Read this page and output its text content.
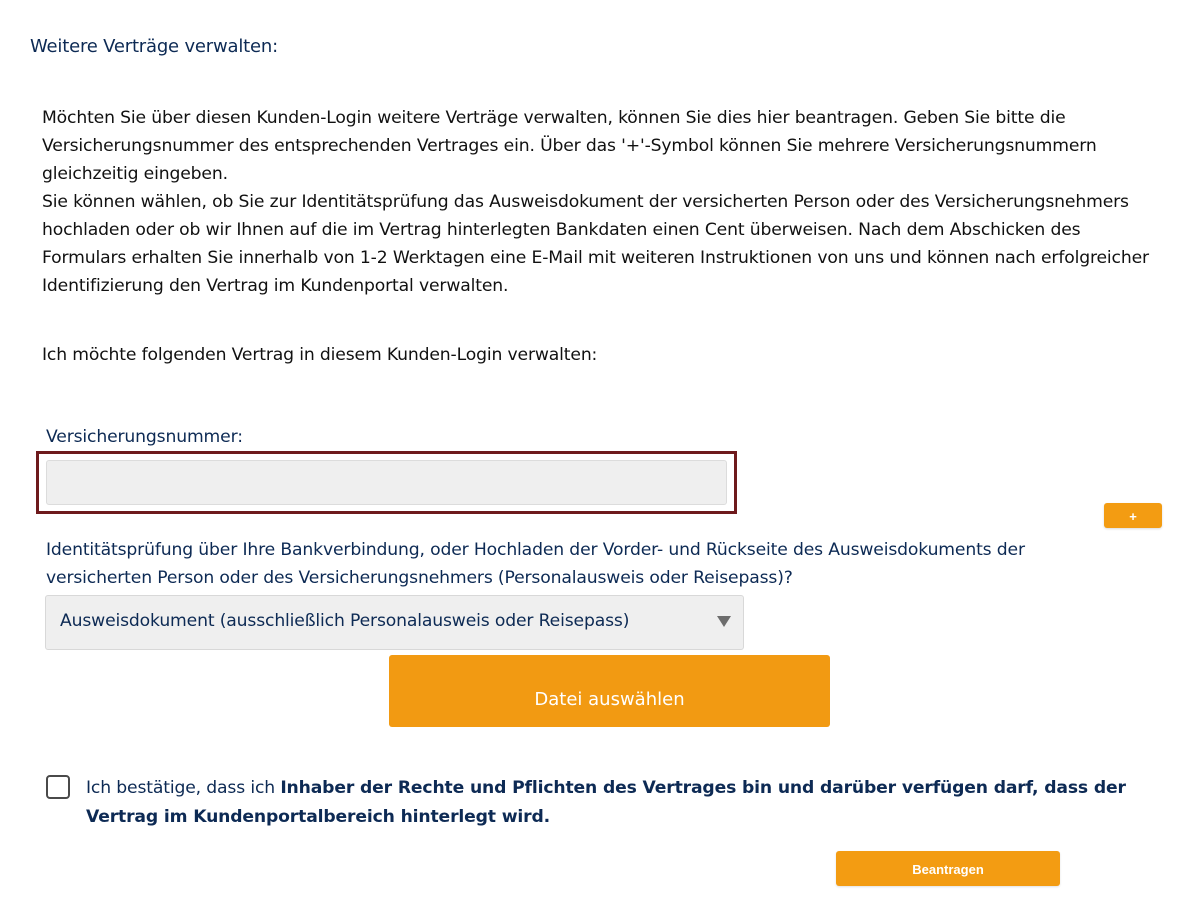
Weitere Verträge verwalten:

Möchten Sie über diesen Kunden-Login weitere Verträge verwalten, können Sie dies hier beantragen. Geben Sie bitte die Versicherungsnummer des entsprechenden Vertrages ein. Über das '+'-Symbol können Sie mehrere Versicherungsnummern gleichzeitig eingeben.

Sie können wählen, ob Sie zur Identitätsprüfung das Ausweisdokument der versicherten Person oder des Versicherungsnehmers hochladen oder ob wir Ihnen auf die im Vertrag hinterlegten Bankdaten einen Cent überweisen. Nach dem Abschicken des Formulars erhalten Sie innerhalb von 1-2 Werktagen eine E-Mail mit weiteren Instruktionen von uns und können nach erfolgreicher Identifizierung den Vertrag im Kundenportal verwalten.

Ich möchte folgenden Vertrag in diesem Kunden-Login verwalten:
Versicherungsnummer:
+
Identitätsprüfung über Ihre Bankverbindung, oder Hochladen der Vorder- und Rückseite des Ausweisdokuments der versicherten Person oder des Versicherungsnehmers (Personalausweis oder Reisepass)?
Ausweisdokument (ausschließlich Personalausweis oder Reisepass)
Datei auswählen
Ich bestätige, dass ich Inhaber der Rechte und Pflichten des Vertrages bin und darüber verfügen darf, dass der Vertrag im Kundenportalbereich hinterlegt wird.
Beantragen
